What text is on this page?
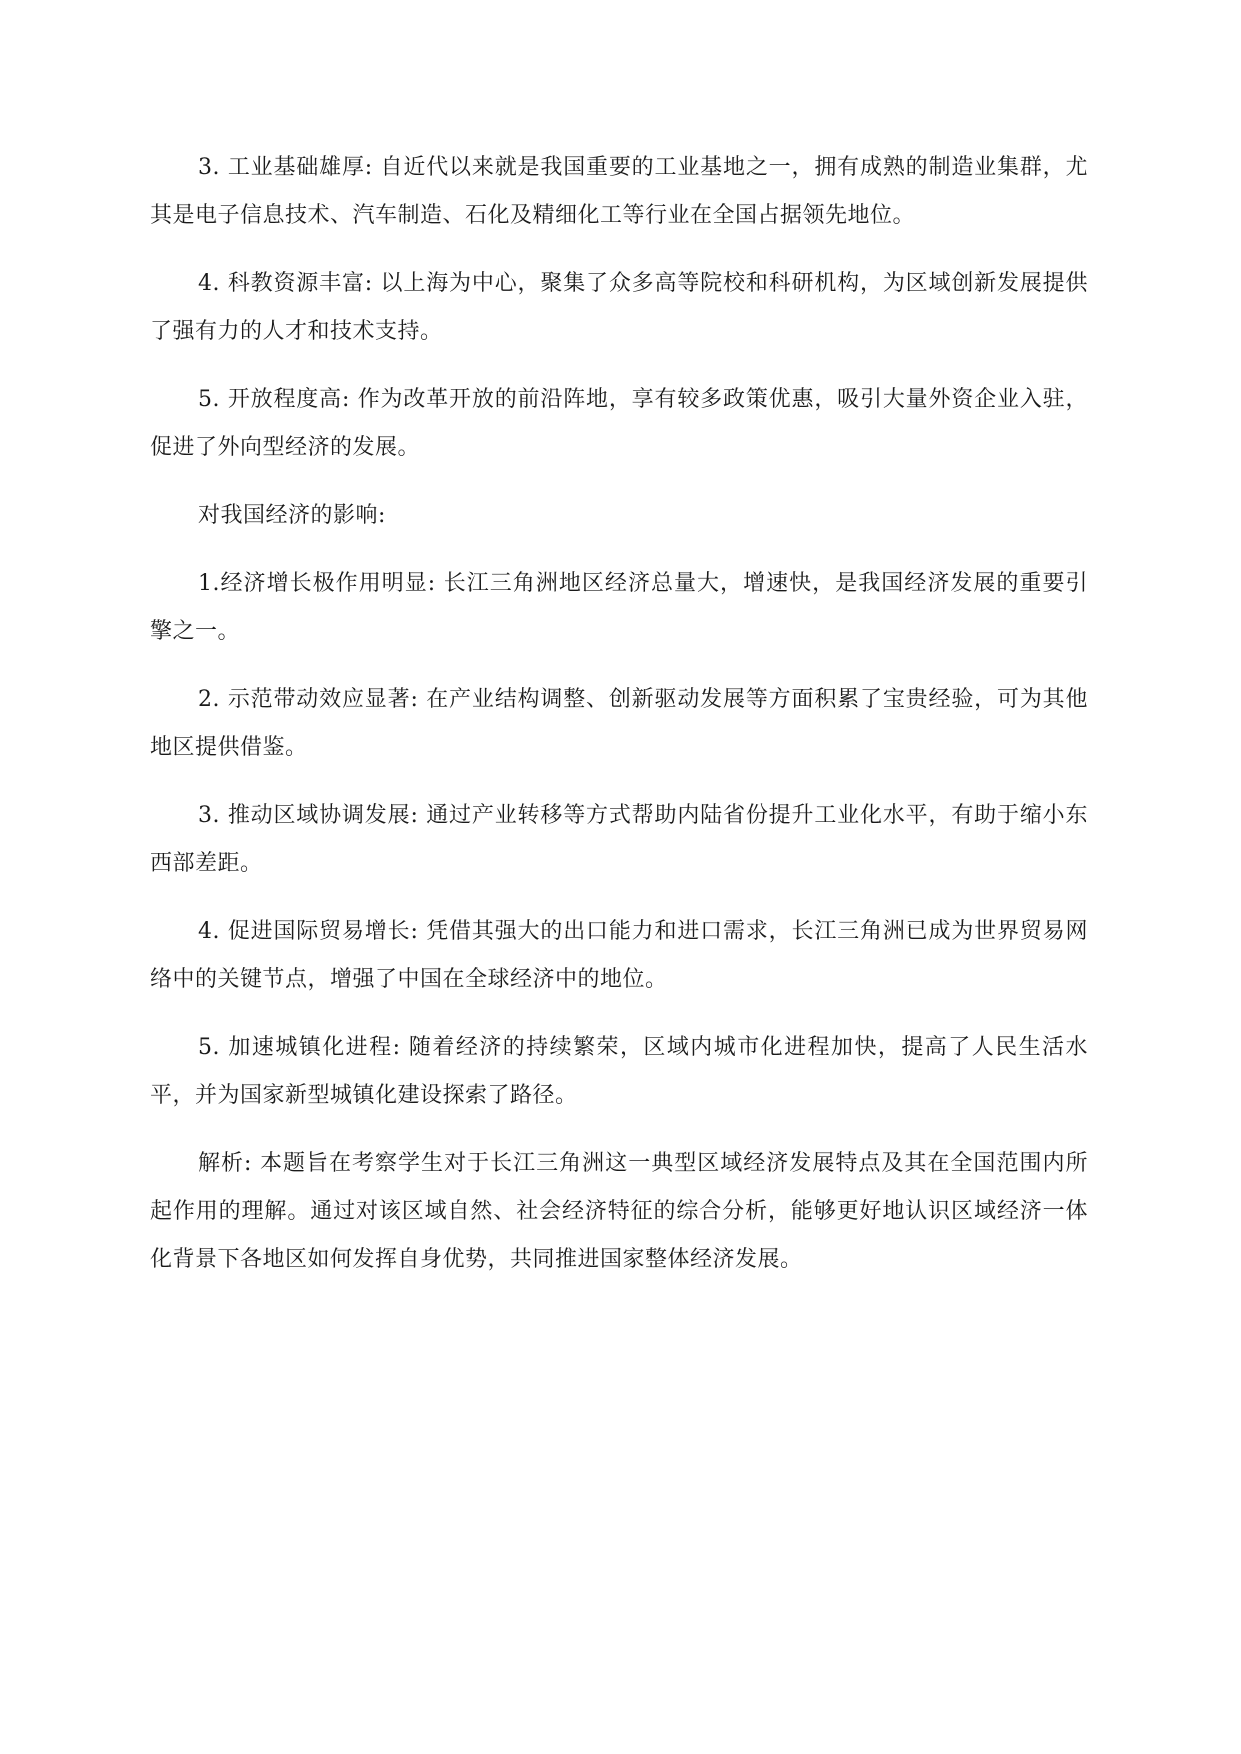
3. 工业基础雄厚: 自近代以来就是我国重要的工业基地之一，拥有成熟的制造业集群，尤其是电子信息技术、汽车制造、石化及精细化工等行业在全国占据领先地位。

4. 科教资源丰富: 以上海为中心，聚集了众多高等院校和科研机构，为区域创新发展提供了强有力的人才和技术支持。

5. 开放程度高: 作为改革开放的前沿阵地，享有较多政策优惠，吸引大量外资企业入驻，促进了外向型经济的发展。

对我国经济的影响:

1.经济增长极作用明显: 长江三角洲地区经济总量大，增速快，是我国经济发展的重要引擎之一。

2. 示范带动效应显著: 在产业结构调整、创新驱动发展等方面积累了宝贵经验，可为其他地区提供借鉴。

3. 推动区域协调发展: 通过产业转移等方式帮助内陆省份提升工业化水平，有助于缩小东西部差距。

4. 促进国际贸易增长: 凭借其强大的出口能力和进口需求，长江三角洲已成为世界贸易网络中的关键节点，增强了中国在全球经济中的地位。

5. 加速城镇化进程: 随着经济的持续繁荣，区域内城市化进程加快，提高了人民生活水平，并为国家新型城镇化建设探索了路径。

解析: 本题旨在考察学生对于长江三角洲这一典型区域经济发展特点及其在全国范围内所起作用的理解。通过对该区域自然、社会经济特征的综合分析，能够更好地认识区域经济一体化背景下各地区如何发挥自身优势，共同推进国家整体经济发展。
